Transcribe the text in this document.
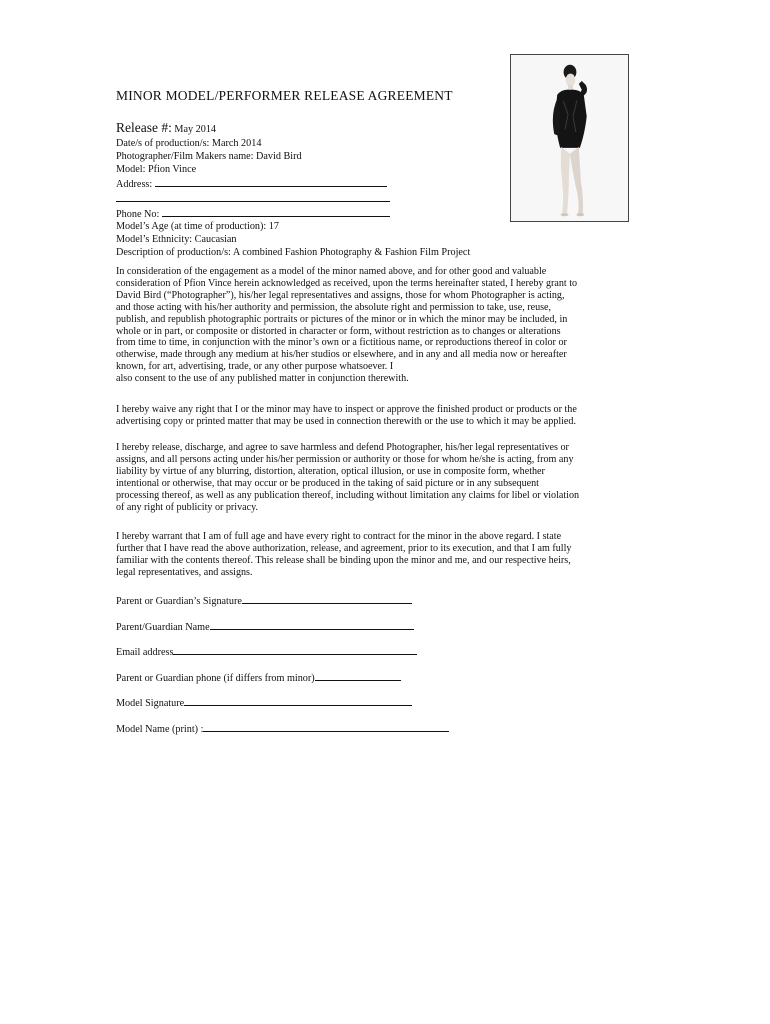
MINOR MODEL/PERFORMER RELEASE AGREEMENT
Release #: May 2014
Date/s of production/s: March 2014
Photographer/Film Makers name: David Bird
Model: Pfion Vince
Address:
Phone No:
Model’s Age (at time of production): 17
Model’s Ethnicity: Caucasian
Description of production/s: A combined Fashion Photography & Fashion Film Project
In consideration of the engagement as a model of the minor named above, and for other good and valuable
consideration of Pfion Vince herein acknowledged as received, upon the terms hereinafter stated, I hereby grant to
David Bird (“Photographer”), his/her legal representatives and assigns, those for whom Photographer is acting,
and those acting with his/her authority and permission, the absolute right and permission to take, use, reuse,
publish, and republish photographic portraits or pictures of the minor or in which the minor may be included, in
whole or in part, or composite or distorted in character or form, without restriction as to changes or alterations
from time to time, in conjunction with the minor’s own or a fictitious name, or reproductions thereof in color or
otherwise, made through any medium at his/her studios or elsewhere, and in any and all media now or hereafter
known, for art, advertising, trade, or any other purpose whatsoever. I
also consent to the use of any published matter in conjunction therewith.
I hereby waive any right that I or the minor may have to inspect or approve the finished product or products or the
advertising copy or printed matter that may be used in connection therewith or the use to which it may be applied.
I hereby release, discharge, and agree to save harmless and defend Photographer, his/her legal representatives or
assigns, and all persons acting under his/her permission or authority or those for whom he/she is acting, from any
liability by virtue of any blurring, distortion, alteration, optical illusion, or use in composite form, whether
intentional or otherwise, that may occur or be produced in the taking of said picture or in any subsequent
processing thereof, as well as any publication thereof, including without limitation any claims for libel or violation
of any right of publicity or privacy.
I hereby warrant that I am of full age and have every right to contract for the minor in the above regard. I state
further that I have read the above authorization, release, and agreement, prior to its execution, and that I am fully
familiar with the contents thereof. This release shall be binding upon the minor and me, and our respective heirs,
legal representatives, and assigns.
Parent or Guardian’s Signature
Parent/Guardian Name
Email address
Parent or Guardian phone (if differs from minor)
Model Signature
Model Name (print) :
